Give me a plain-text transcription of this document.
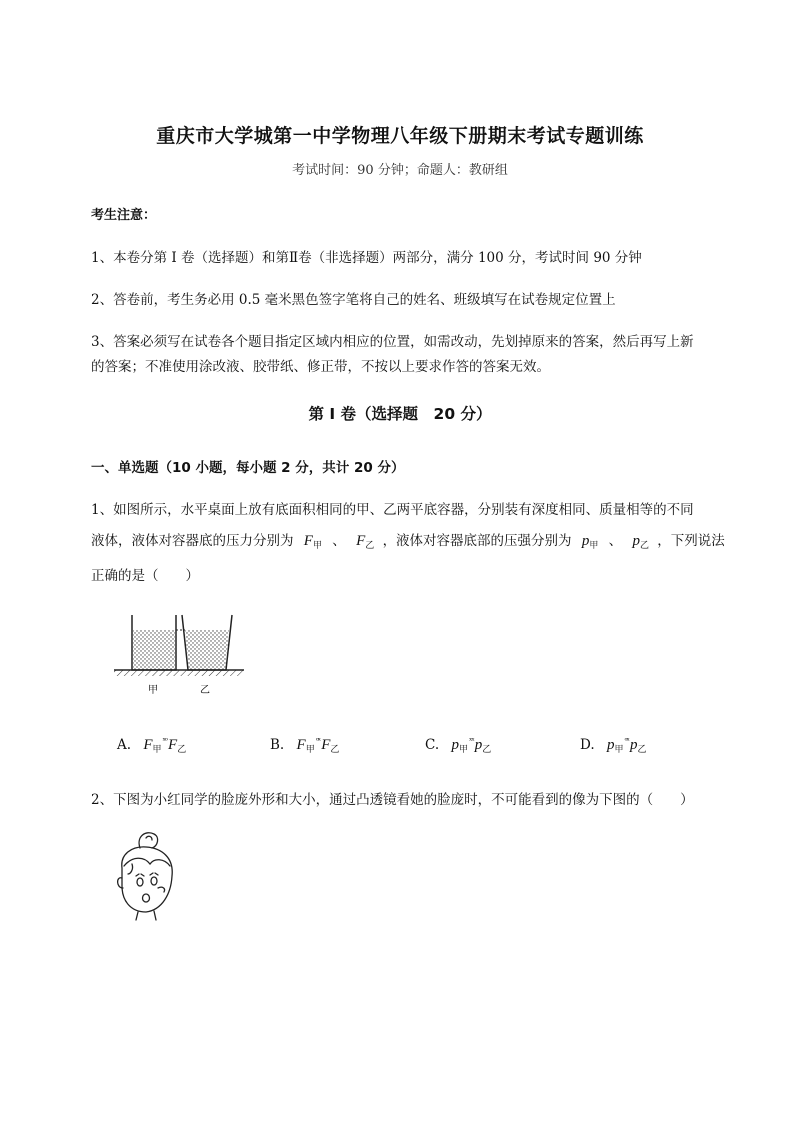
重庆市大学城第一中学物理八年级下册期末考试专题训练
考试时间：90 分钟；命题人：教研组
考生注意：
1、本卷分第 I 卷（选择题）和第Ⅱ卷（非选择题）两部分，满分 100 分，考试时间 90 分钟
2、答卷前，考生务必用 0.5 毫米黑色签字笔将自己的姓名、班级填写在试卷规定位置上
3、答案必须写在试卷各个题目指定区域内相应的位置，如需改动，先划掉原来的答案，然后再写上新
的答案；不准使用涂改液、胶带纸、修正带，不按以上要求作答的答案无效。
第 I 卷（选择题　20 分）
一、单选题（10 小题，每小题 2 分，共计 20 分）
1、如图所示，水平桌面上放有底面积相同的甲、乙两平底容器，分别装有深度相同、质量相等的不同
液体，液体对容器底的压力分别为 $F_甲$ 、 $F_乙$ ，液体对容器底部的压强分别为 $p_甲$ 、 $p_乙$ ，下列说法
正确的是（　　）
甲	乙
A. $F_甲^{ˣᵒ}F_乙$	B. $F_甲^{ᵒˣ}F_乙$	C. $p_甲^{ˣˣ}p_乙$	D. $p_甲^{ᵒˣ}p_乙$
2、下图为小红同学的脸庞外形和大小，通过凸透镜看她的脸庞时，不可能看到的像为下图的（　　）
